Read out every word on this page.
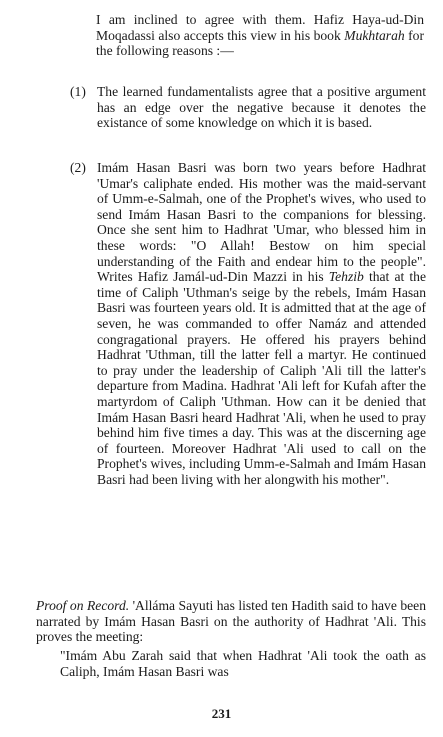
I am inclined to agree with them. Hafiz Haya-ud-Din Moqadassi also accepts this view in his book Mukhtarah for the following reasons :—

(1) The learned fundamentalists agree that a positive argument has an edge over the negative because it denotes the existance of some knowledge on which it is based.

(2) Imám Hasan Basri was born two years before Hadhrat 'Umar's caliphate ended. His mother was the maid-servant of Umm-e-Salmah, one of the Prophet's wives, who used to send Imám Hasan Basri to the companions for blessing. Once she sent him to Hadhrat 'Umar, who blessed him in these words: "O Allah! Bestow on him special understanding of the Faith and endear him to the people". Writes Hafiz Jamál-ud-Din Mazzi in his Tehzib that at the time of Caliph 'Uthman's seige by the rebels, Imám Hasan Basri was fourteen years old. It is admitted that at the age of seven, he was commanded to offer Namáz and attended congragational prayers. He offered his prayers behind Hadhrat 'Uthman, till the latter fell a martyr. He continued to pray under the leadership of Caliph 'Ali till the latter's departure from Madina. Hadhrat 'Ali left for Kufah after the martyrdom of Caliph 'Uthman. How can it be denied that Imám Hasan Basri heard Hadhrat 'Ali, when he used to pray behind him five times a day. This was at the discerning age of fourteen. Moreover Hadhrat 'Ali used to call on the Prophet's wives, including Umm-e-Salmah and Imám Hasan Basri had been living with her alongwith his mother".

Proof on Record. 'Alláma Sayuti has listed ten Hadith said to have been narrated by Imám Hasan Basri on the authority of Hadhrat 'Ali. This proves the meeting:

"Imám Abu Zarah said that when Hadhrat 'Ali took the oath as Caliph, Imám Hasan Basri was

231
